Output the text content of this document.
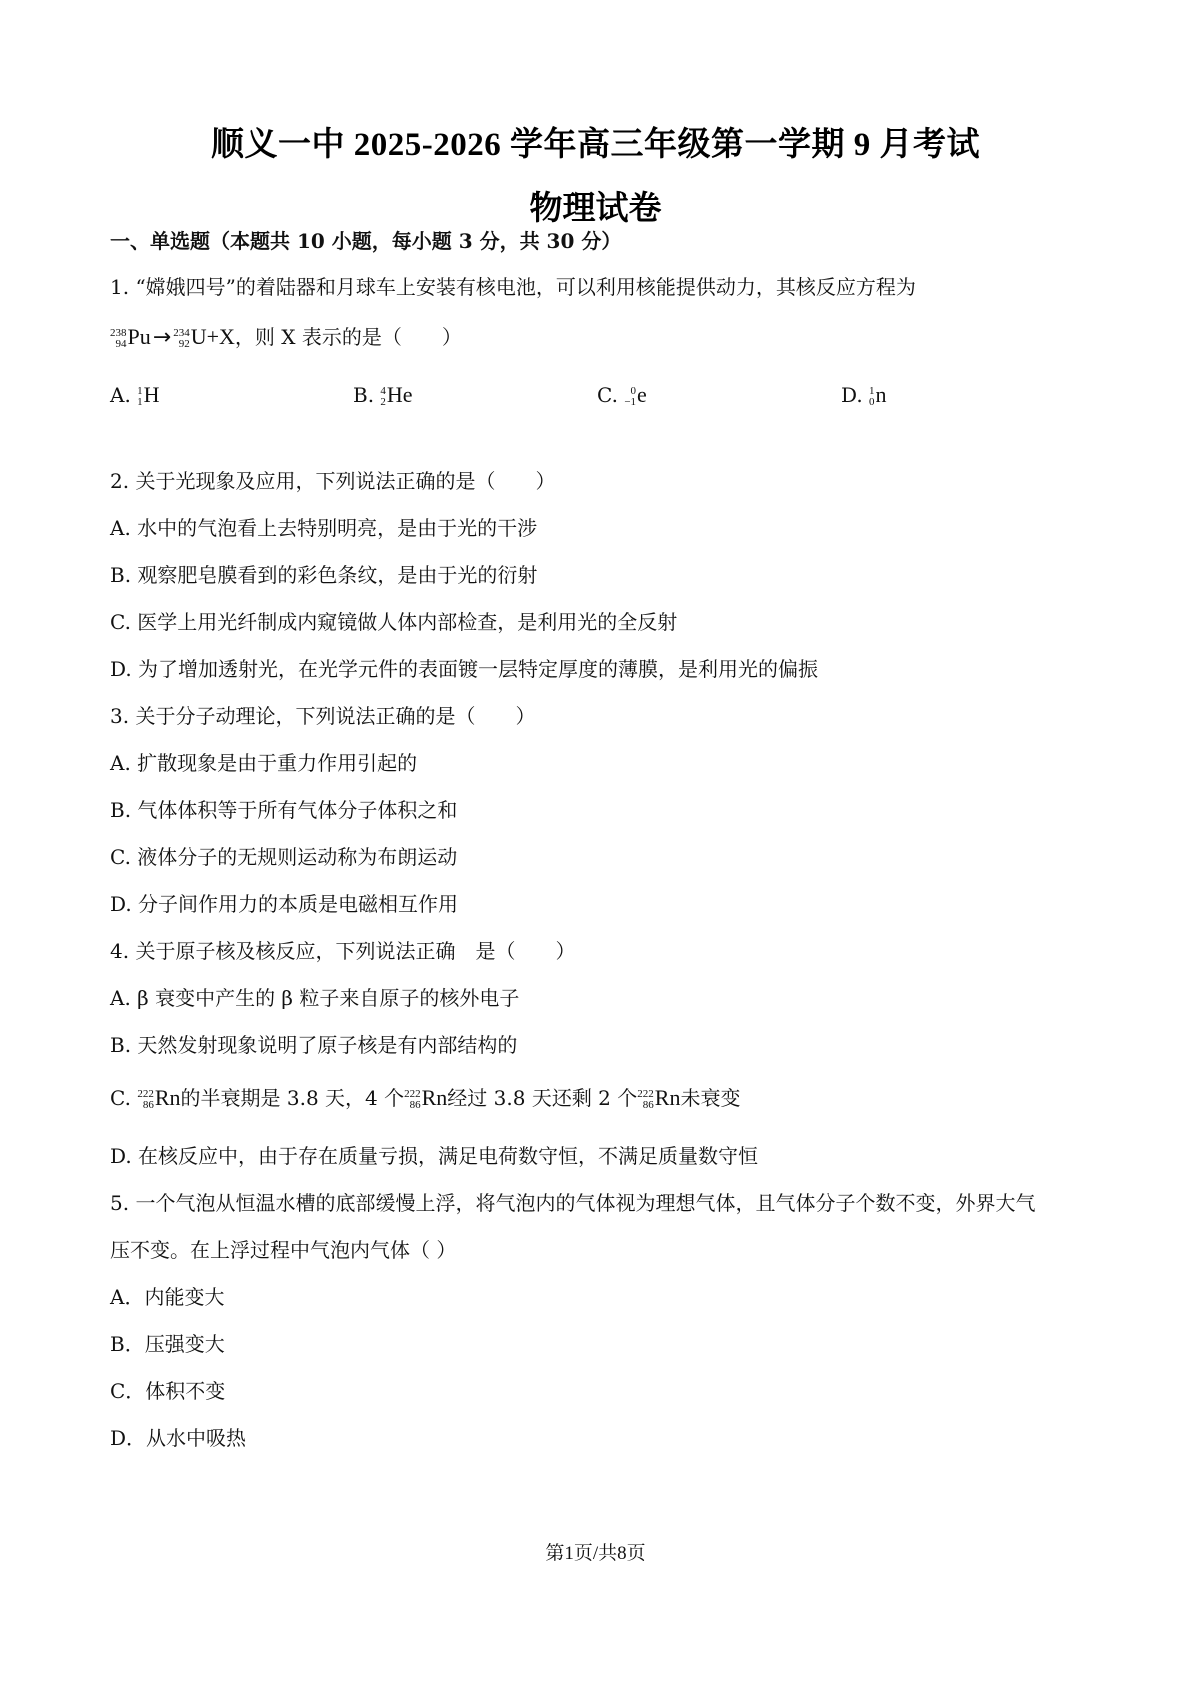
顺义一中 2025-2026 学年高三年级第一学期 9 月考试
物理试卷
一、单选题（本题共 10 小题，每小题 3 分，共 30 分）
1. “嫦娥四号”的着陆器和月球车上安装有核电池，可以利用核能提供动力，其核反应方程为
238
94 Pu→ 234
92 U+X，则 X 表示的是（　　）
A. 1
1 H	B. 4
2 He	C.	0
−1 e	D. 1
0 n
2. 关于光现象及应用，下列说法正确的是（　　）
A. 水中的气泡看上去特别明亮，是由于光的干涉
B. 观察肥皂膜看到的彩色条纹，是由于光的衍射
C. 医学上用光纤制成内窥镜做人体内部检查，是利用光的全反射
D. 为了增加透射光，在光学元件的表面镀一层特定厚度的薄膜，是利用光的偏振
3. 关于分子动理论，下列说法正确的是（　　）
A. 扩散现象是由于重力作用引起的
B. 气体体积等于所有气体分子体积之和
C. 液体分子的无规则运动称为布朗运动
D. 分子间作用力的本质是电磁相互作用
4. 关于原子核及核反应，下列说法正确　是（　　）
A. β 衰变中产生的 β 粒子来自原子的核外电子
B. 天然发射现象说明了原子核是有内部结构的
C. 222
86 Rn的半衰期是 3.8 天，4 个 222
86 Rn经过 3.8 天还剩 2 个 222
86 Rn未衰变
D. 在核反应中，由于存在质量亏损，满足电荷数守恒，不满足质量数守恒
5. 一个气泡从恒温水槽的底部缓慢上浮，将气泡内的气体视为理想气体，且气体分子个数不变，外界大气
压不变。在上浮过程中气泡内气体（ ）
A．内能变大
B．压强变大
C．体积不变
D．从水中吸热
第1页/共8页
